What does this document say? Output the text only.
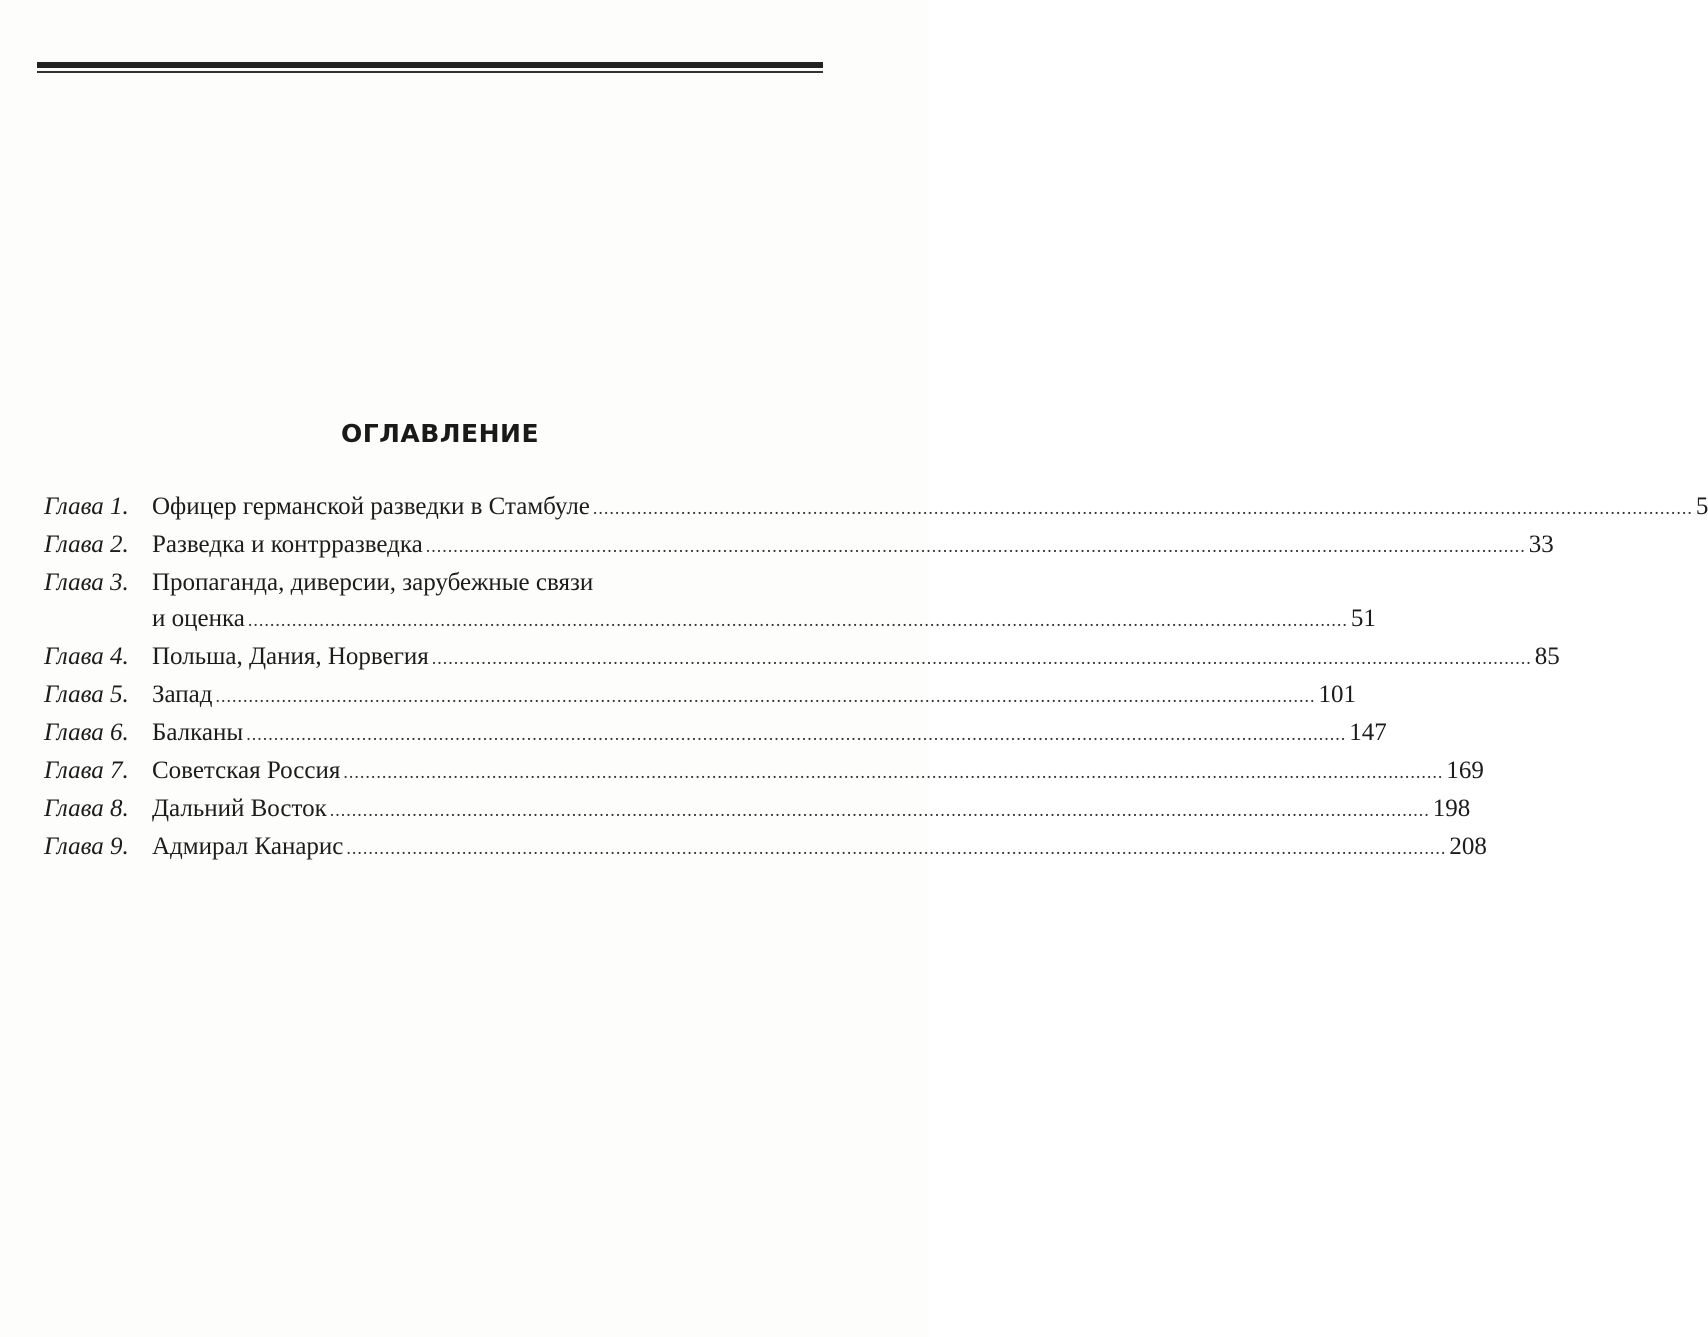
ОГЛАВЛЕНИЕ
Глава 1. Офицер германской разведки в Стамбуле ........................................................................................................................................................................................................ 5
Глава 2. Разведка и контрразведка ........................................................................................................................................................................................................ 33
Глава 3. Пропаганда, диверсии, зарубежные связи
и оценка ........................................................................................................................................................................................................ 51
Глава 4. Польша, Дания, Норвегия ........................................................................................................................................................................................................ 85
Глава 5. Запад ........................................................................................................................................................................................................ 101
Глава 6. Балканы ........................................................................................................................................................................................................ 147
Глава 7. Советская Россия ........................................................................................................................................................................................................ 169
Глава 8. Дальний Восток ........................................................................................................................................................................................................ 198
Глава 9. Адмирал Канарис ........................................................................................................................................................................................................ 208
